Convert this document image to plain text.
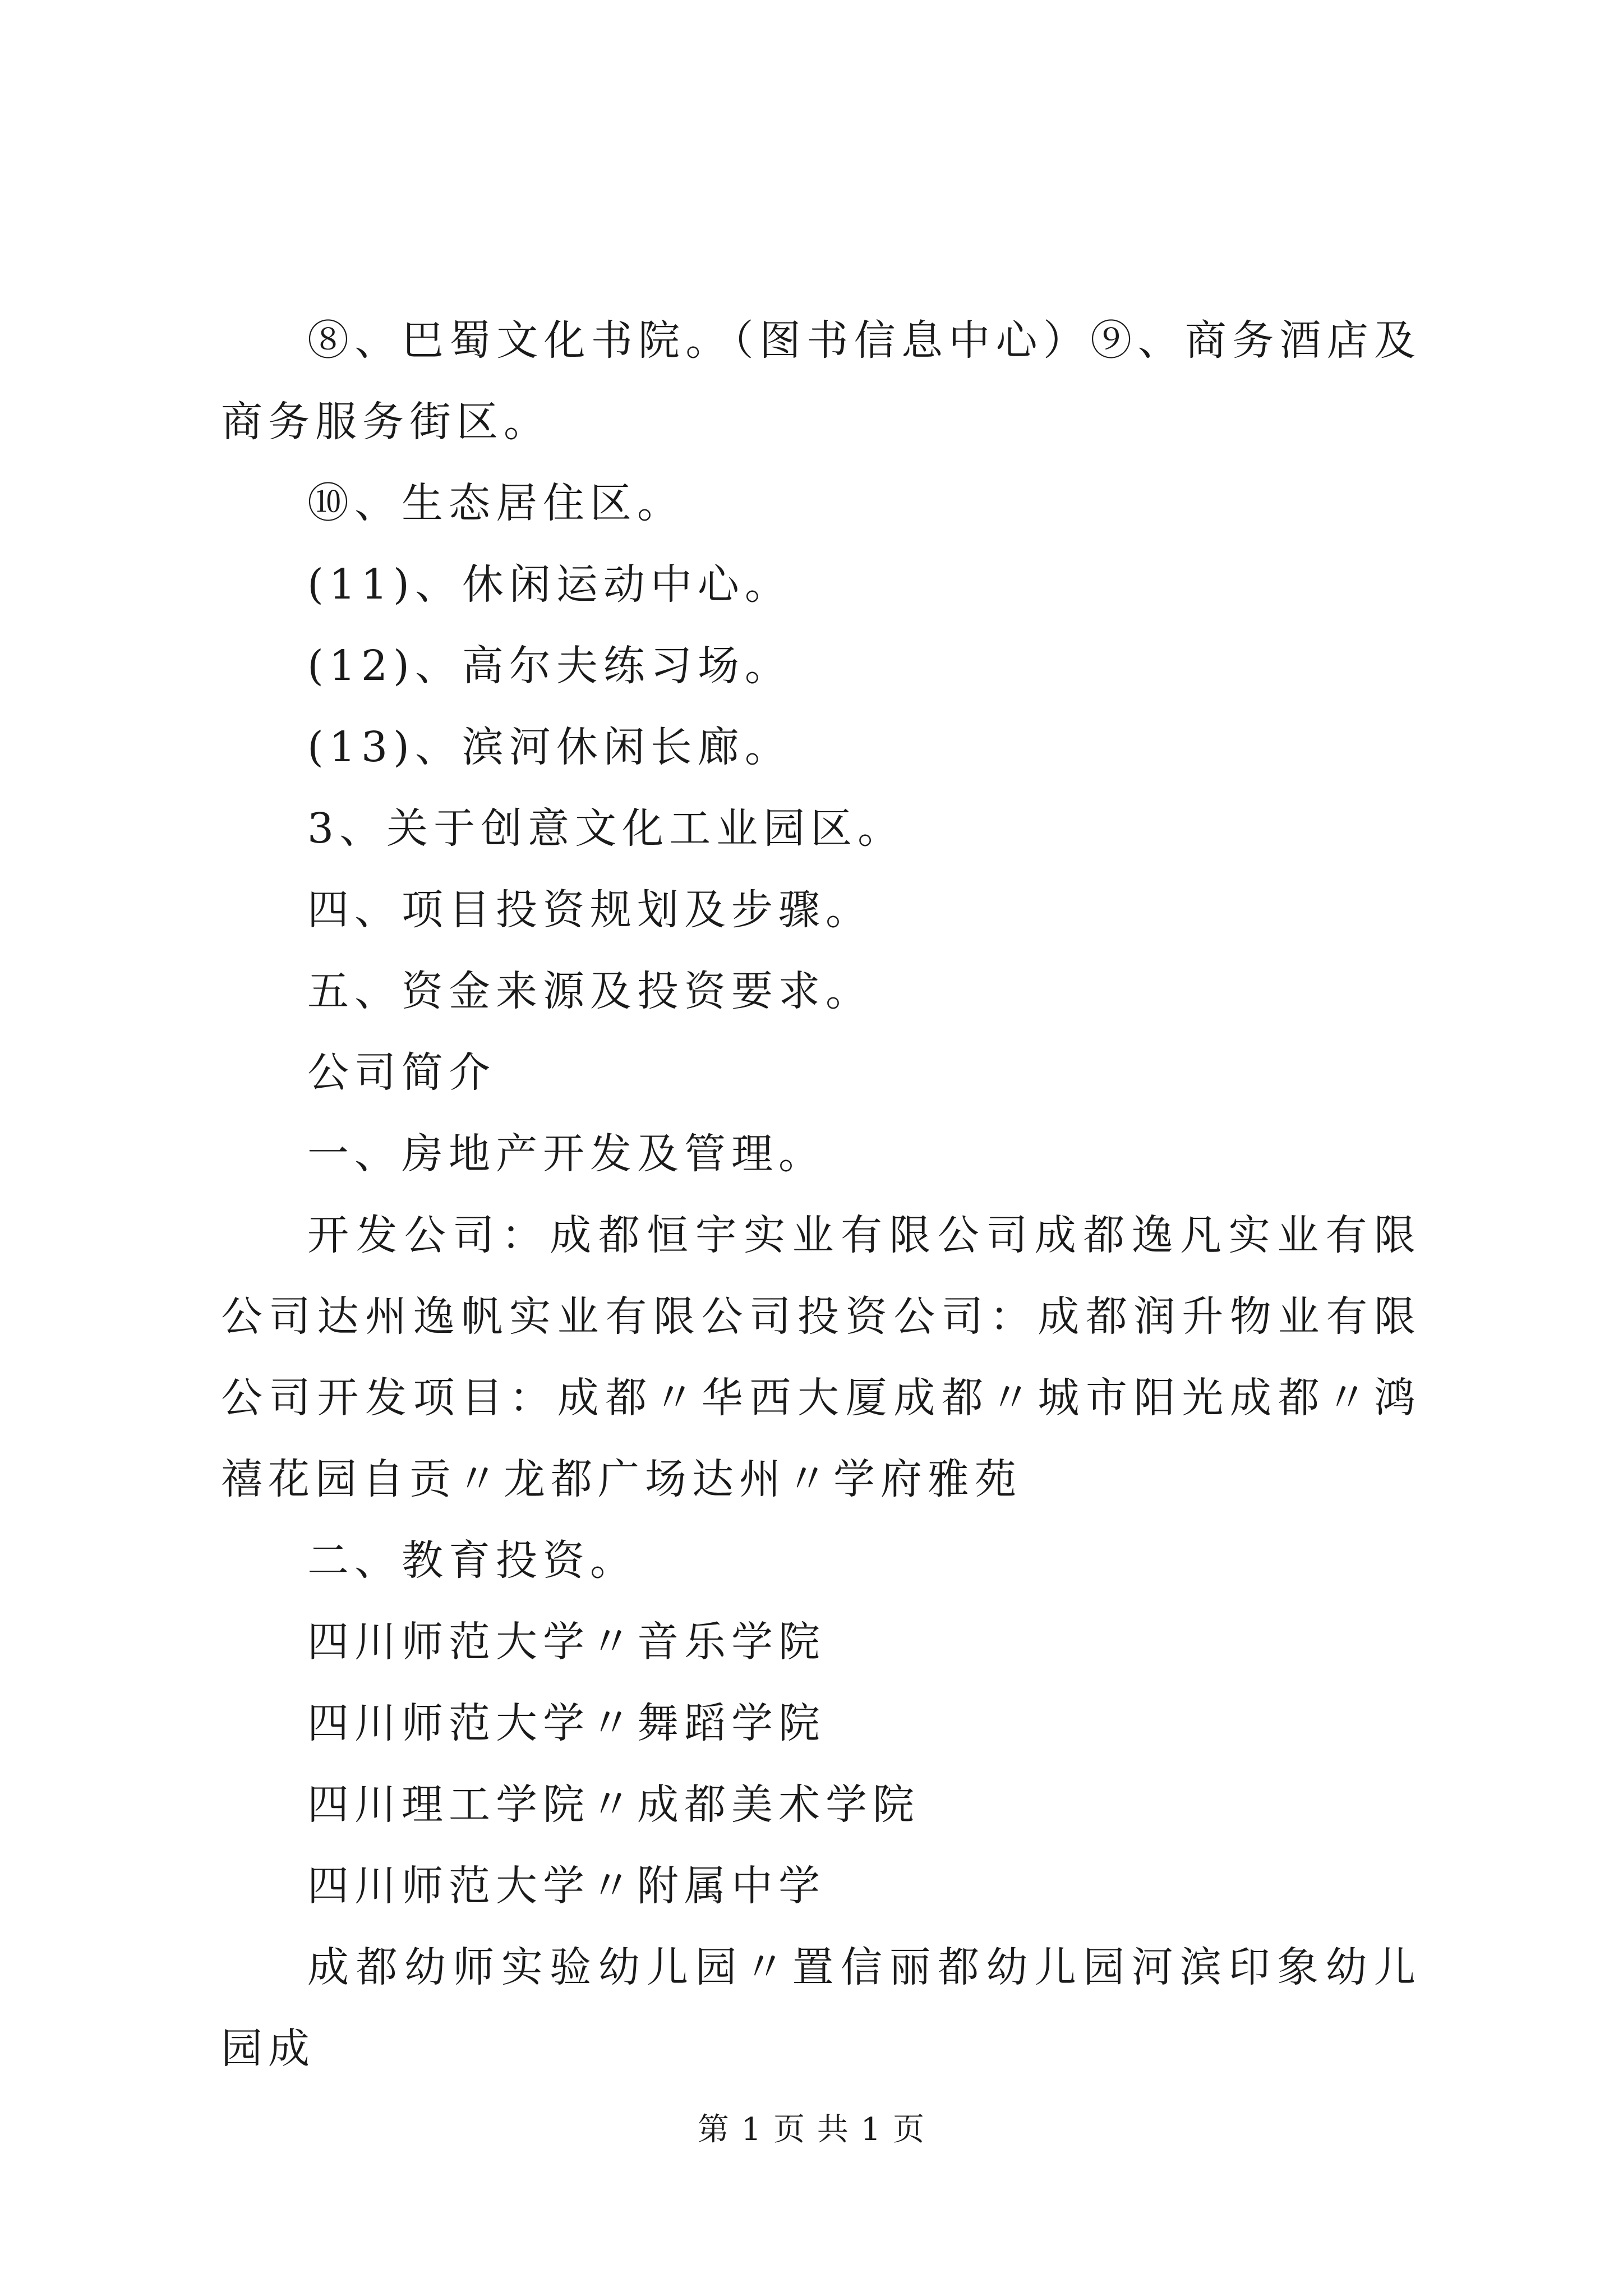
⑧、巴蜀文化书院。（图书信息中心）⑨、商务酒店及商务服务街区。

⑩、生态居住区。

(11)、休闲运动中心。

(12)、高尔夫练习场。

(13)、滨河休闲长廊。

3、关于创意文化工业园区。

四、项目投资规划及步骤。

五、资金来源及投资要求。

公司简介

一、房地产开发及管理。

开发公司：成都恒宇实业有限公司成都逸凡实业有限公司达州逸帆实业有限公司投资公司：成都润升物业有限公司开发项目：成都〃华西大厦成都〃城市阳光成都〃鸿禧花园自贡〃龙都广场达州〃学府雅苑

二、教育投资。

四川师范大学〃音乐学院

四川师范大学〃舞蹈学院

四川理工学院〃成都美术学院

四川师范大学〃附属中学

成都幼师实验幼儿园〃置信丽都幼儿园河滨印象幼儿园成

第 1 页 共 1 页
